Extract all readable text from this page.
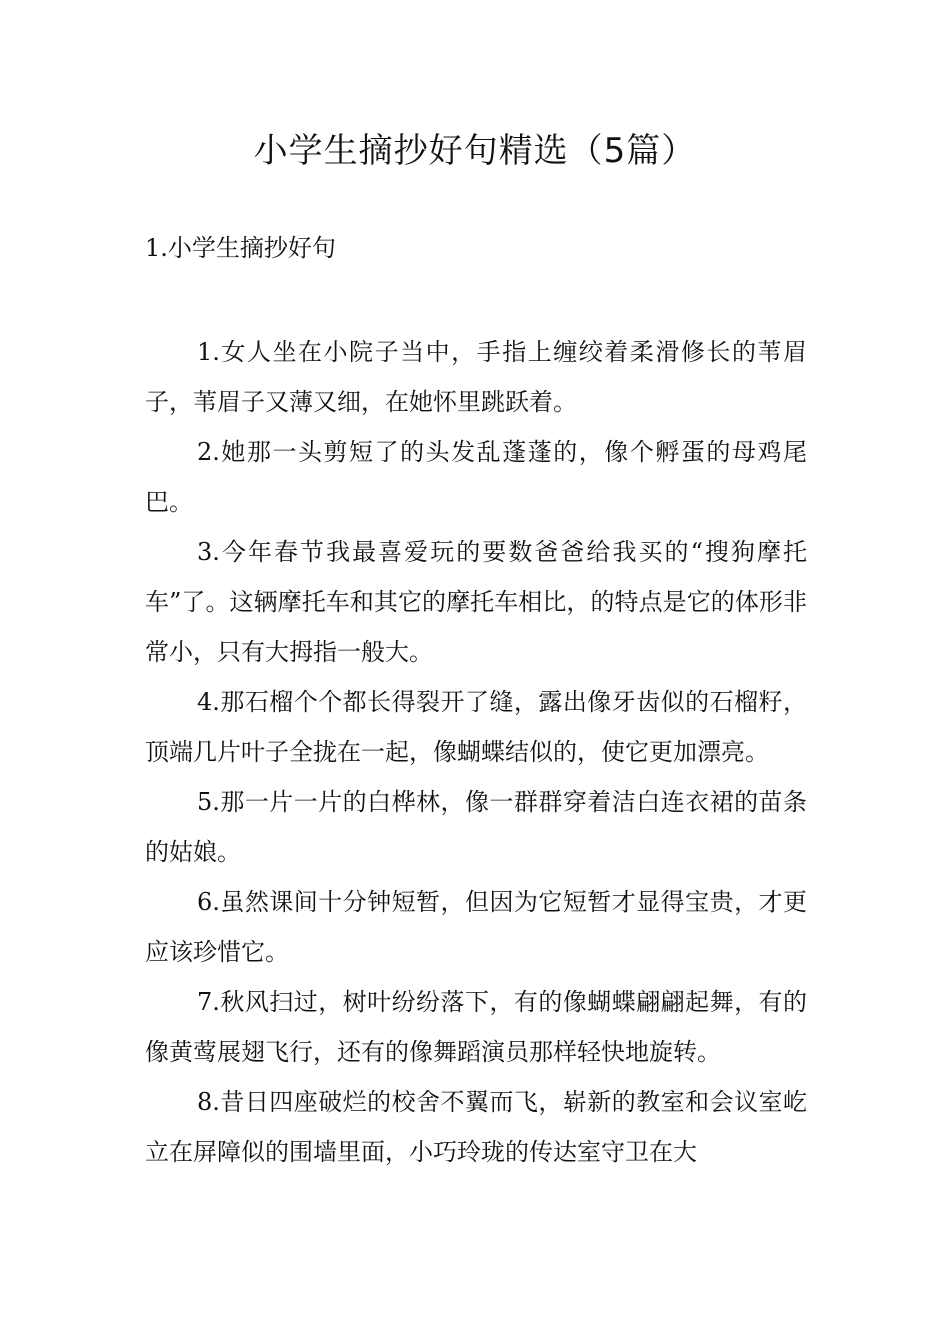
小学生摘抄好句精选（5篇）
1.小学生摘抄好句

1.女人坐在小院子当中，手指上缠绞着柔滑修长的苇眉子，苇眉子又薄又细，在她怀里跳跃着。

2.她那一头剪短了的头发乱蓬蓬的，像个孵蛋的母鸡尾巴。

3.今年春节我最喜爱玩的要数爸爸给我买的“搜狗摩托车”了。这辆摩托车和其它的摩托车相比，的特点是它的体形非常小，只有大拇指一般大。

4.那石榴个个都长得裂开了缝，露出像牙齿似的石榴籽，顶端几片叶子全拢在一起，像蝴蝶结似的，使它更加漂亮。

5.那一片一片的白桦林，像一群群穿着洁白连衣裙的苗条的姑娘。

6.虽然课间十分钟短暂，但因为它短暂才显得宝贵，才更应该珍惜它。

7.秋风扫过，树叶纷纷落下，有的像蝴蝶翩翩起舞，有的像黄莺展翅飞行，还有的像舞蹈演员那样轻快地旋转。

8.昔日四座破烂的校舍不翼而飞，崭新的教室和会议室屹立在屏障似的围墙里面，小巧玲珑的传达室守卫在大
